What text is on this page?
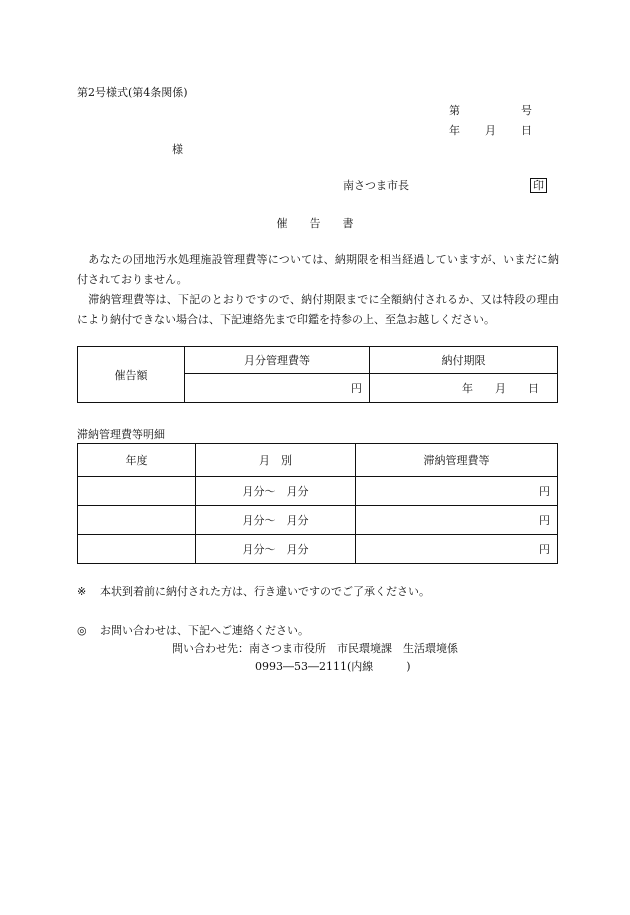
第2号様式(第4条関係)
第	号
年 月 日
様
南さつま市長	印
催　　告　　書
　あなたの団地汚水処理施設管理費等については、納期限を相当経過していますが、いまだに納付されておりません。
　滞納管理費等は、下記のとおりですので、納付期限までに全額納付されるか、又は特段の理由により納付できない場合は、下記連絡先まで印鑑を持参の上、至急お越しください。
催告額	月分管理費等	納付期限
	円	年　　月　　日
滞納管理費等明細
年度	月　別	滞納管理費等
	月分～　月分	円
	月分～　月分	円
	月分～　月分	円
※ 本状到着前に納付された方は、行き違いですのでご了承ください。
◎ お問い合わせは、下記へご連絡ください。
問い合わせ先：南さつま市役所　市民環境課　生活環境係
0993―53―2111(内線　　　)
